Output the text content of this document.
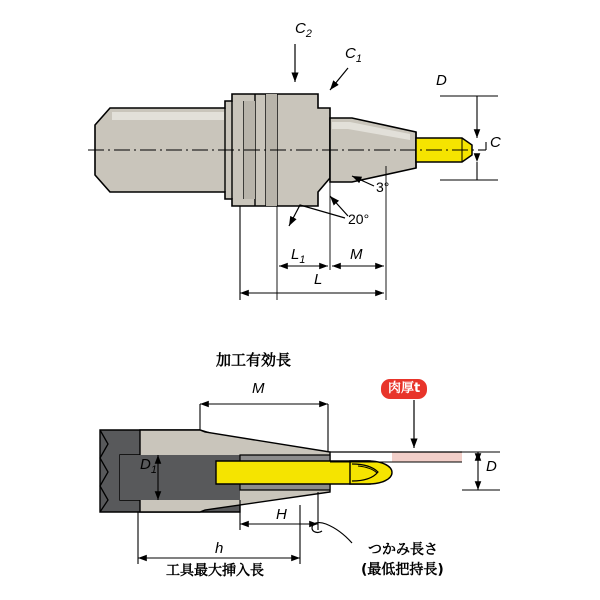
$C_2$
$C_1$
D
C
3°
20°
$L_1$	M
L
加工有効長
M
$D_1$	D
H
h
工具最大挿入長
つかみ長さ
(最低把持長)
肉厚t
